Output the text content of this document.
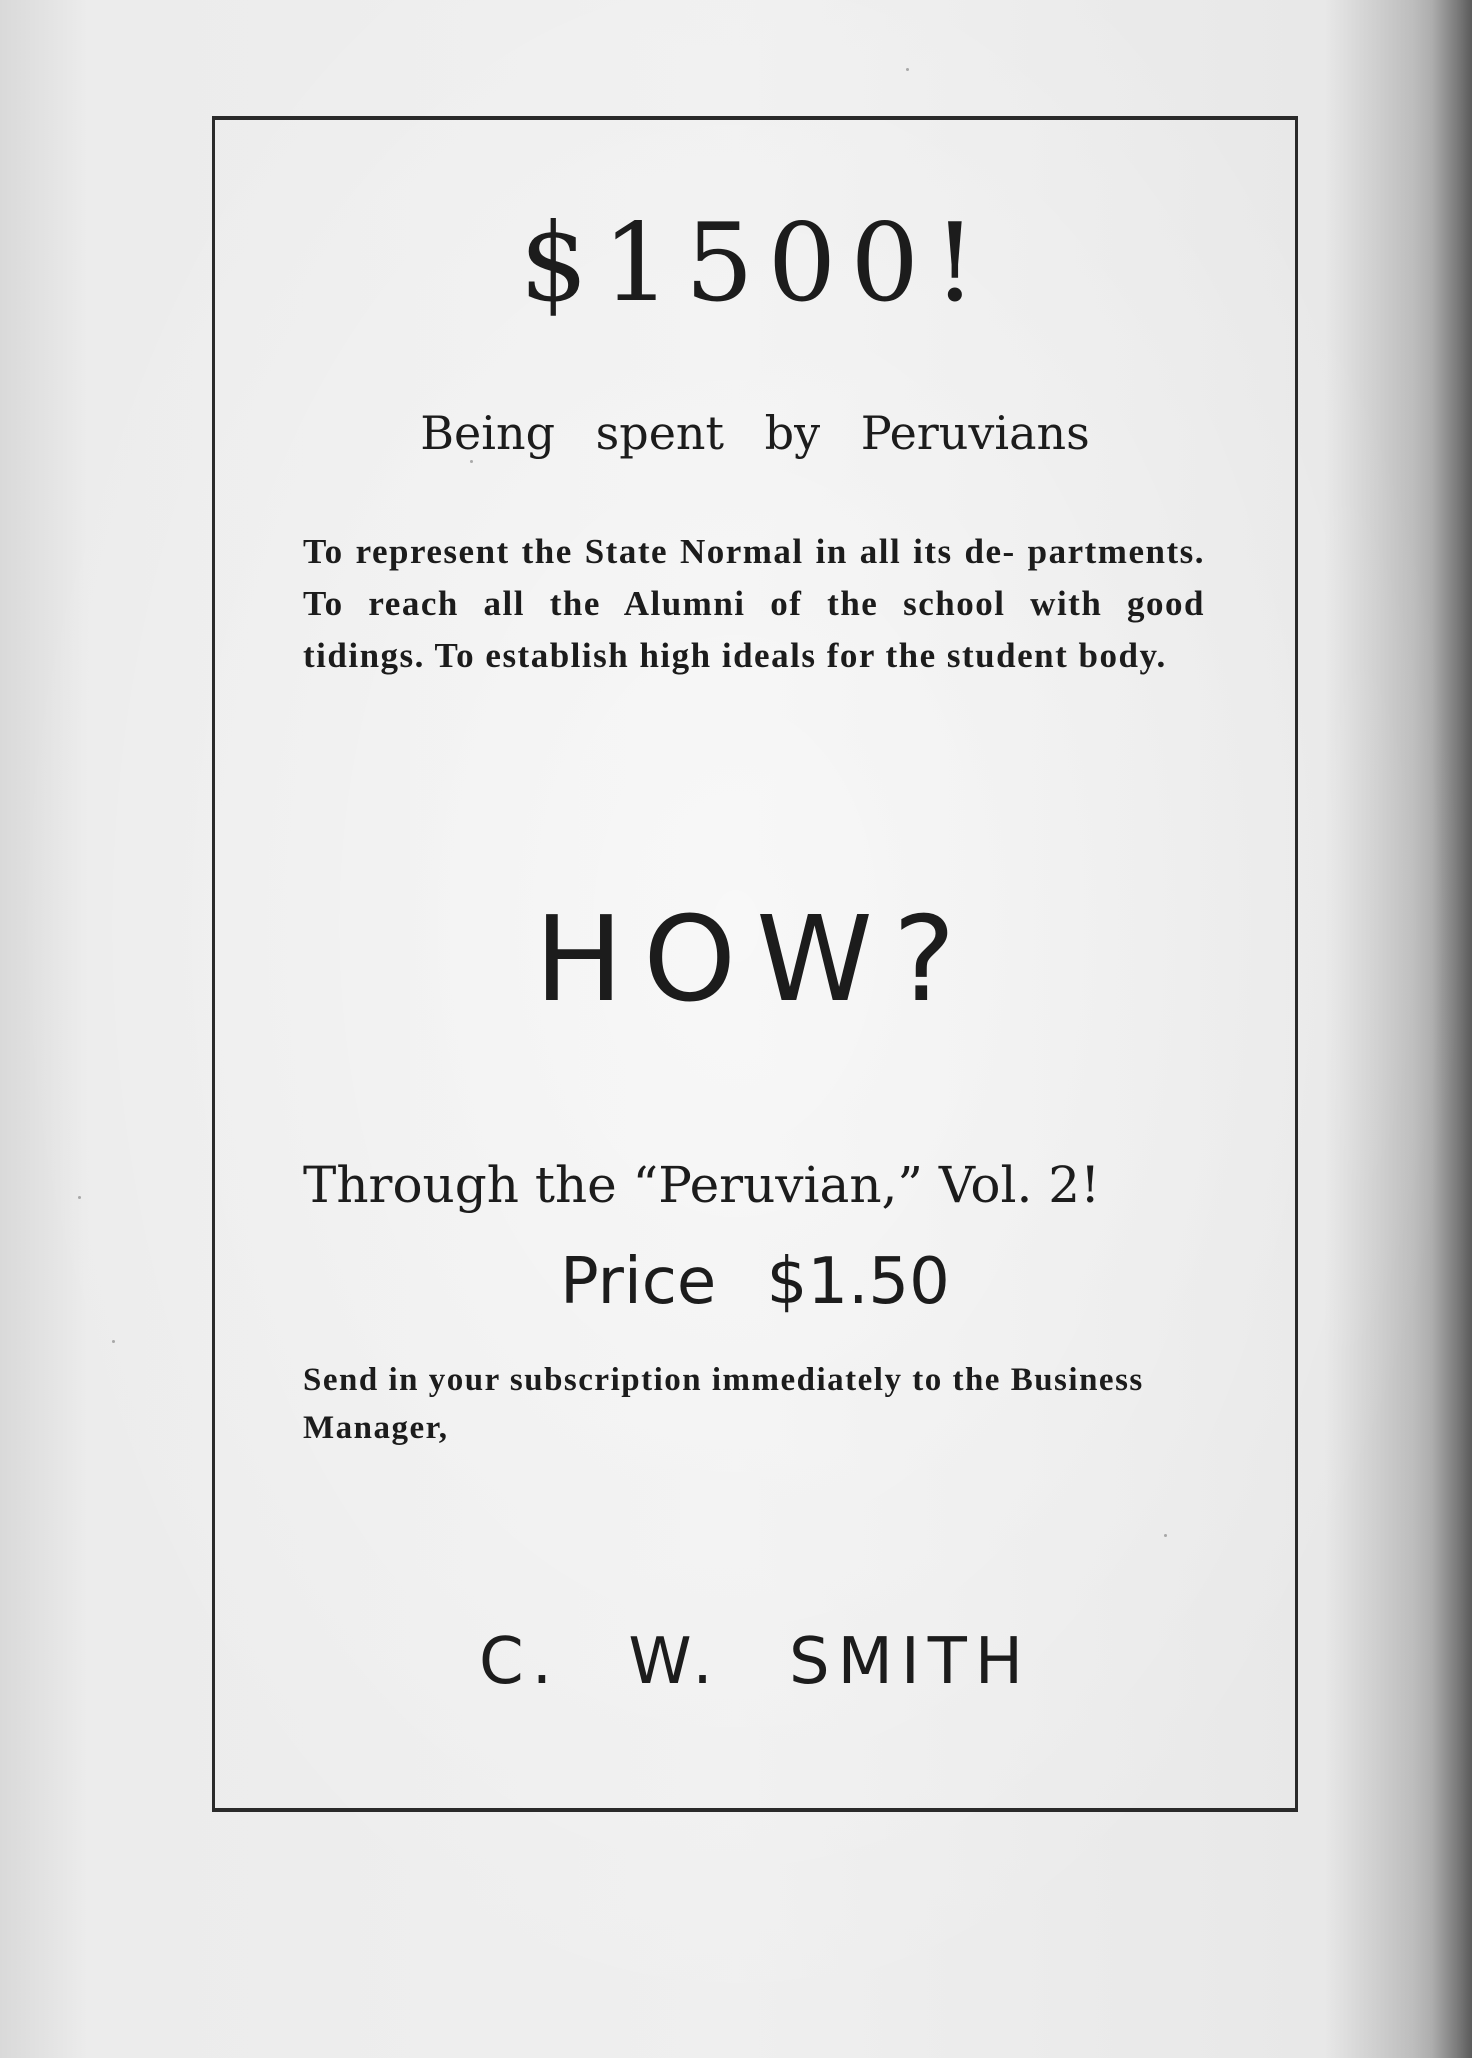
$1500!
Being spent by Peruvians
To represent the State Normal in all its de- partments. To reach all the Alumni of the school with good tidings. To establish high ideals for the student body.
HOW?
Through the “Peruvian,” Vol. 2!
Price $1.50
Send in your subscription immediately to the Business Manager,
C. W. SMITH
